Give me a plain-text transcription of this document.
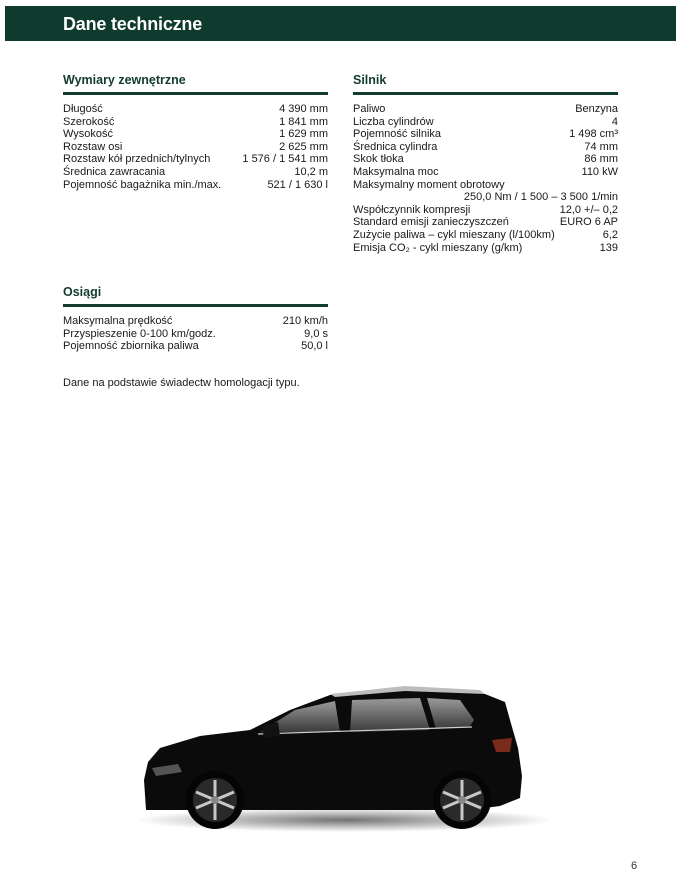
Dane techniczne
Wymiary zewnętrzne
Długość	4 390 mm
Szerokość	1 841 mm
Wysokość	1 629 mm
Rozstaw osi	2 625 mm
Rozstaw kół przednich/tylnych	1 576 / 1 541 mm
Średnica zawracania	10,2 m
Pojemność bagażnika min./max.	521 / 1 630 l
Silnik
Paliwo	Benzyna
Liczba cylindrów	4
Pojemność silnika	1 498 cm³
Średnica cylindra	74 mm
Skok tłoka	86 mm
Maksymalna moc	110 kW
Maksymalny moment obrotowy
250,0 Nm / 1 500 – 3 500 1/min
Współczynnik kompresji	12,0 +/– 0,2
Standard emisji zanieczyszczeń	EURO 6 AP
Zużycie paliwa – cykl mieszany (l/100km)	6,2
Emisja CO₂ - cykl mieszany (g/km)	139
Osiągi
Maksymalna prędkość	210 km/h
Przyspieszenie 0-100 km/godz.	9,0 s
Pojemność zbiornika paliwa	50,0 l
Dane na podstawie świadectw homologacji typu.

6
